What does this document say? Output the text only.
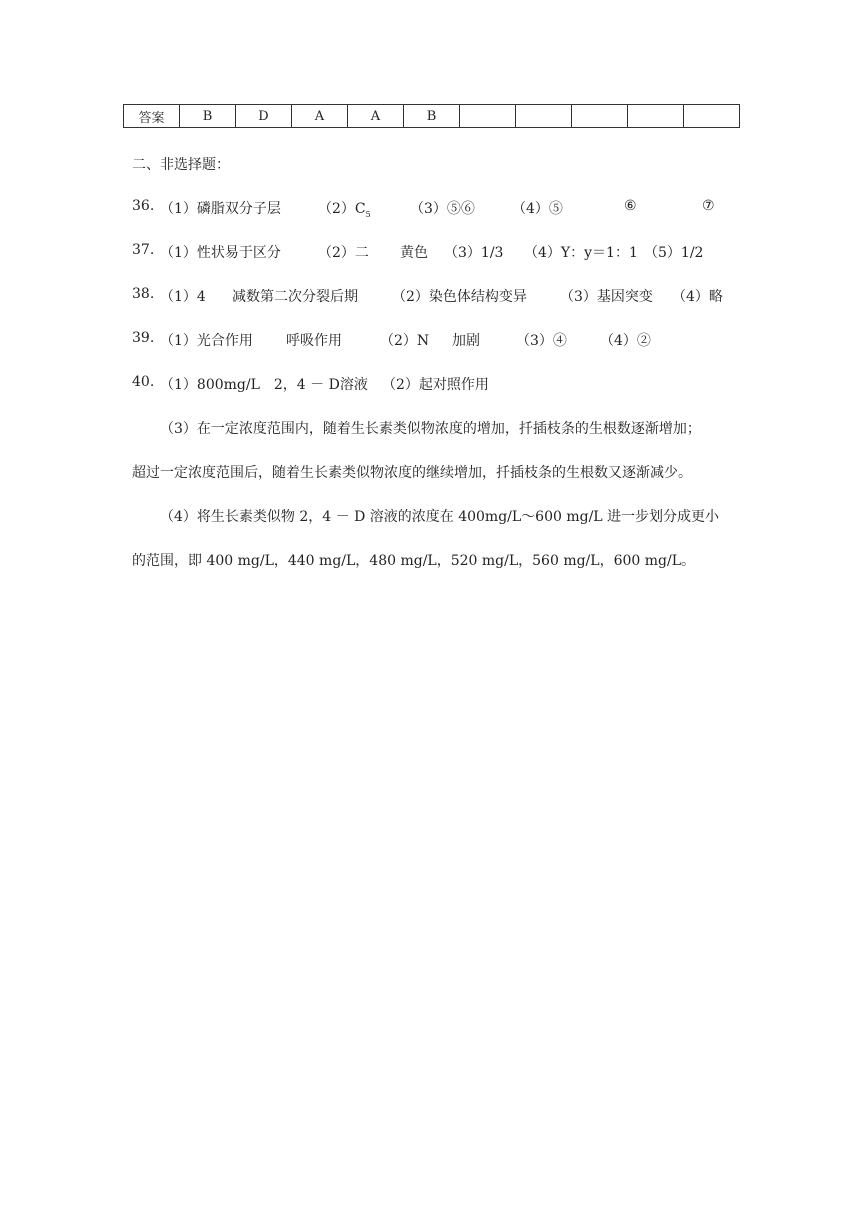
答案	B	D	A	A	B					
二、非选择题：
36. （1）磷脂双分子层	$(2)C_5$	（3）⑤⑥	（4）⑤	⑥	⑦
37. （1）性状易于区分	（2）二 黄色 （3）1/3 （4）Y：y＝1：1 （5）1/2
38. （1）4 减数第二次分裂后期 （2）染色体结构变异 （3）基因突变 （4）略
39. （1）光合作用 呼吸作用	（2）N 加剧	（3）④ （4）②
40. （1）800mg/L　2，4 － D溶液 （2）起对照作用
（3）在一定浓度范围内，随着生长素类似物浓度的增加，扦插枝条的生根数逐渐增加；
超过一定浓度范围后，随着生长素类似物浓度的继续增加，扦插枝条的生根数又逐渐减少。
（4）将生长素类似物 2，4 － D 溶液的浓度在 400mg/L～600 mg/L 进一步划分成更小
的范围，即 400 mg/L，440 mg/L，480 mg/L，520 mg/L，560 mg/L，600 mg/L。
